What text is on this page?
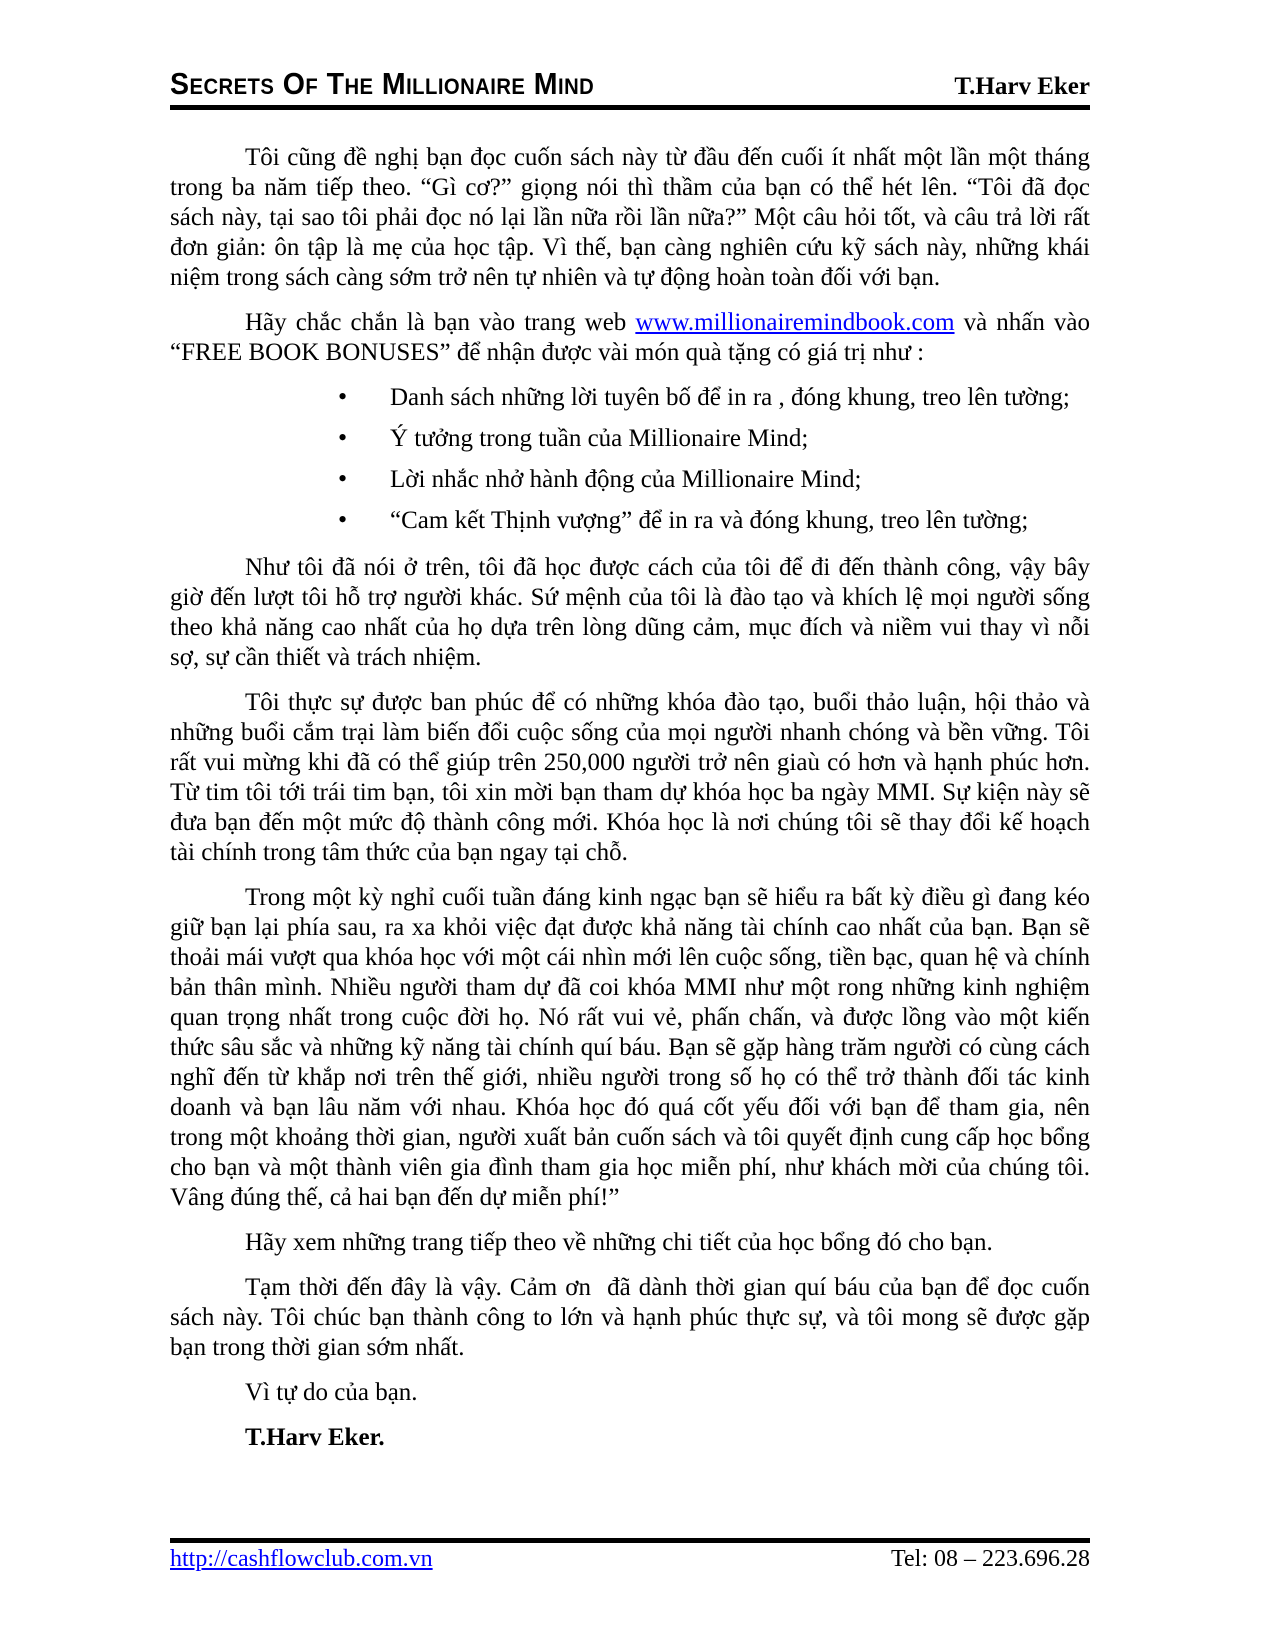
Secrets Of The Millionaire Mind	T.Harv Eker

Tôi cũng đề nghị bạn đọc cuốn sách này từ đầu đến cuối ít nhất một lần một tháng trong ba năm tiếp theo. “Gì cơ?” giọng nói thì thầm của bạn có thể hét lên. “Tôi đã đọc sách này, tại sao tôi phải đọc nó lại lần nữa rồi lần nữa?” Một câu hỏi tốt, và câu trả lời rất đơn giản: ôn tập là mẹ của học tập. Vì thế, bạn càng nghiên cứu kỹ sách này, những khái niệm trong sách càng sớm trở nên tự nhiên và tự động hoàn toàn đối với bạn.

Hãy chắc chắn là bạn vào trang web www.millionairemindbook.com và nhấn vào “FREE BOOK BONUSES” để nhận được vài món quà tặng có giá trị như :

• Danh sách những lời tuyên bố để in ra , đóng khung, treo lên tường;
• Ý tưởng trong tuần của Millionaire Mind;
• Lời nhắc nhở hành động của Millionaire Mind;
• “Cam kết Thịnh vượng” để in ra và đóng khung, treo lên tường;

Như tôi đã nói ở trên, tôi đã học được cách của tôi để đi đến thành công, vậy bây giờ đến lượt tôi hỗ trợ người khác. Sứ mệnh của tôi là đào tạo và khích lệ mọi người sống theo khả năng cao nhất của họ dựa trên lòng dũng cảm, mục đích và niềm vui thay vì nỗi sợ, sự cần thiết và trách nhiệm.

Tôi thực sự được ban phúc để có những khóa đào tạo, buổi thảo luận, hội thảo và những buổi cắm trại làm biến đổi cuộc sống của mọi người nhanh chóng và bền vững. Tôi rất vui mừng khi đã có thể giúp trên 250,000 người trở nên giaù có hơn và hạnh phúc hơn. Từ tim tôi tới trái tim bạn, tôi xin mời bạn tham dự khóa học ba ngày MMI. Sự kiện này sẽ đưa bạn đến một mức độ thành công mới. Khóa học là nơi chúng tôi sẽ thay đổi kế hoạch tài chính trong tâm thức của bạn ngay tại chỗ.

Trong một kỳ nghỉ cuối tuần đáng kinh ngạc bạn sẽ hiểu ra bất kỳ điều gì đang kéo giữ bạn lại phía sau, ra xa khỏi việc đạt được khả năng tài chính cao nhất của bạn. Bạn sẽ thoải mái vượt qua khóa học với một cái nhìn mới lên cuộc sống, tiền bạc, quan hệ và chính bản thân mình. Nhiều người tham dự đã coi khóa MMI như một rong những kinh nghiệm quan trọng nhất trong cuộc đời họ. Nó rất vui vẻ, phấn chấn, và được lồng vào một kiến thức sâu sắc và những kỹ năng tài chính quí báu. Bạn sẽ gặp hàng trăm người có cùng cách nghĩ đến từ khắp nơi trên thế giới, nhiều người trong số họ có thể trở thành đối tác kinh doanh và bạn lâu năm với nhau. Khóa học đó quá cốt yếu đối với bạn để tham gia, nên trong một khoảng thời gian, người xuất bản cuốn sách và tôi quyết định cung cấp học bổng cho bạn và một thành viên gia đình tham gia học miễn phí, như khách mời của chúng tôi. Vâng đúng thế, cả hai bạn đến dự miễn phí!”

Hãy xem những trang tiếp theo về những chi tiết của học bổng đó cho bạn.

Tạm thời đến đây là vậy. Cảm ơn  đã dành thời gian quí báu của bạn để đọc cuốn sách này. Tôi chúc bạn thành công to lớn và hạnh phúc thực sự, và tôi mong sẽ được gặp bạn trong thời gian sớm nhất.

Vì tự do của bạn.

T.Harv Eker.

http://cashflowclub.com.vn	Tel: 08 – 223.696.28
